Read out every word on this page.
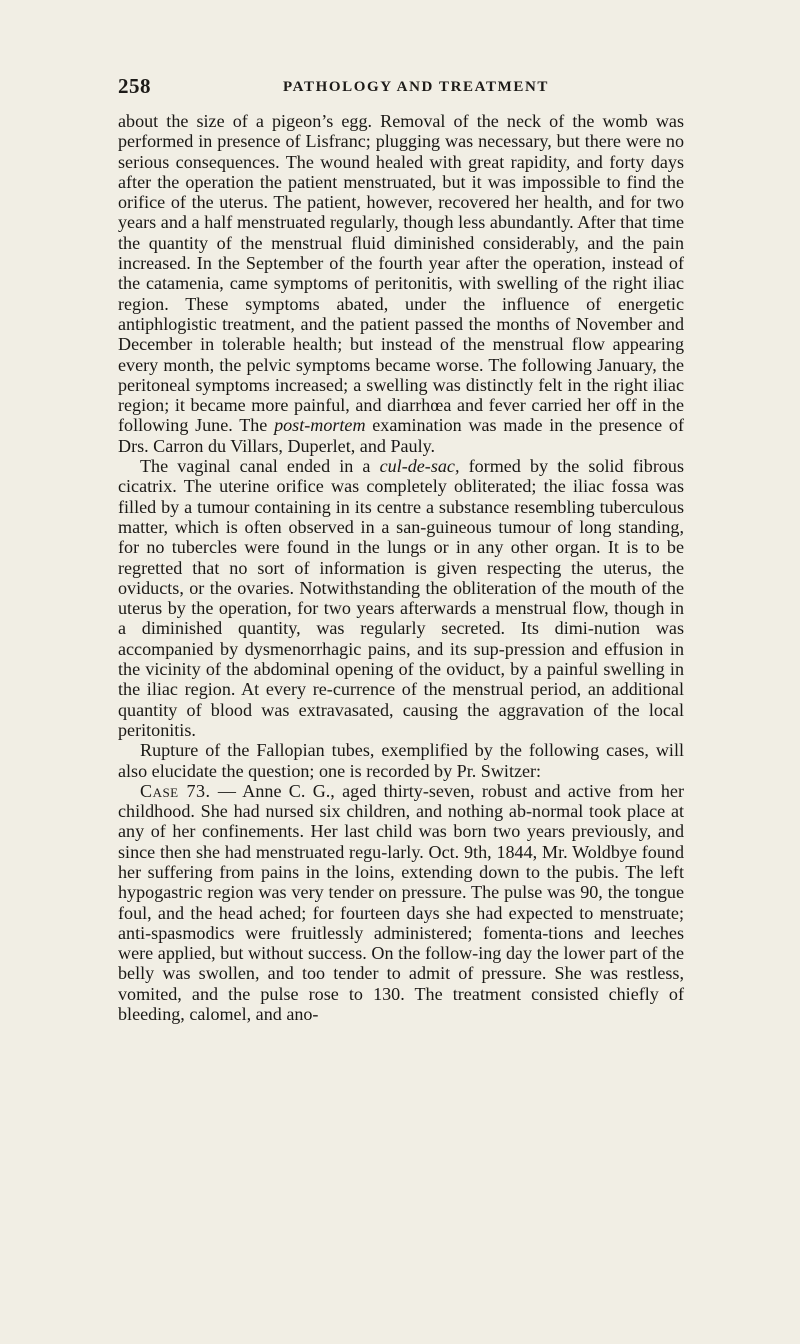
258	PATHOLOGY AND TREATMENT

about the size of a pigeon’s egg. Removal of the neck of the womb was performed in presence of Lisfranc; plugging was necessary, but there were no serious consequences. The wound healed with great rapidity, and forty days after the operation the patient menstruated, but it was impossible to find the orifice of the uterus. The patient, however, recovered her health, and for two years and a half menstruated regularly, though less abundantly. After that time the quantity of the menstrual fluid diminished considerably, and the pain increased. In the September of the fourth year after the operation, instead of the catamenia, came symptoms of peritonitis, with swelling of the right iliac region. These symptoms abated, under the influence of energetic antiphlogistic treatment, and the patient passed the months of November and December in tolerable health; but instead of the menstrual flow appearing every month, the pelvic symptoms became worse. The following January, the peritoneal symptoms increased; a swelling was distinctly felt in the right iliac region; it became more painful, and diarrhœa and fever carried her off in the following June. The post-mortem examination was made in the presence of Drs. Carron du Villars, Duperlet, and Pauly.

The vaginal canal ended in a cul-de-sac, formed by the solid fibrous cicatrix. The uterine orifice was completely obliterated; the iliac fossa was filled by a tumour containing in its centre a substance resembling tuberculous matter, which is often observed in a san-guineous tumour of long standing, for no tubercles were found in the lungs or in any other organ. It is to be regretted that no sort of information is given respecting the uterus, the oviducts, or the ovaries. Notwithstanding the obliteration of the mouth of the uterus by the operation, for two years afterwards a menstrual flow, though in a diminished quantity, was regularly secreted. Its dimi-nution was accompanied by dysmenorrhagic pains, and its sup-pression and effusion in the vicinity of the abdominal opening of the oviduct, by a painful swelling in the iliac region. At every re-currence of the menstrual period, an additional quantity of blood was extravasated, causing the aggravation of the local peritonitis.

Rupture of the Fallopian tubes, exemplified by the following cases, will also elucidate the question; one is recorded by Pr. Switzer:

Case 73. — Anne C. G., aged thirty-seven, robust and active from her childhood. She had nursed six children, and nothing ab-normal took place at any of her confinements. Her last child was born two years previously, and since then she had menstruated regu-larly. Oct. 9th, 1844, Mr. Woldbye found her suffering from pains in the loins, extending down to the pubis. The left hypogastric region was very tender on pressure. The pulse was 90, the tongue foul, and the head ached; for fourteen days she had expected to menstruate; anti-spasmodics were fruitlessly administered; fomenta-tions and leeches were applied, but without success. On the follow-ing day the lower part of the belly was swollen, and too tender to admit of pressure. She was restless, vomited, and the pulse rose to 130. The treatment consisted chiefly of bleeding, calomel, and ano-
